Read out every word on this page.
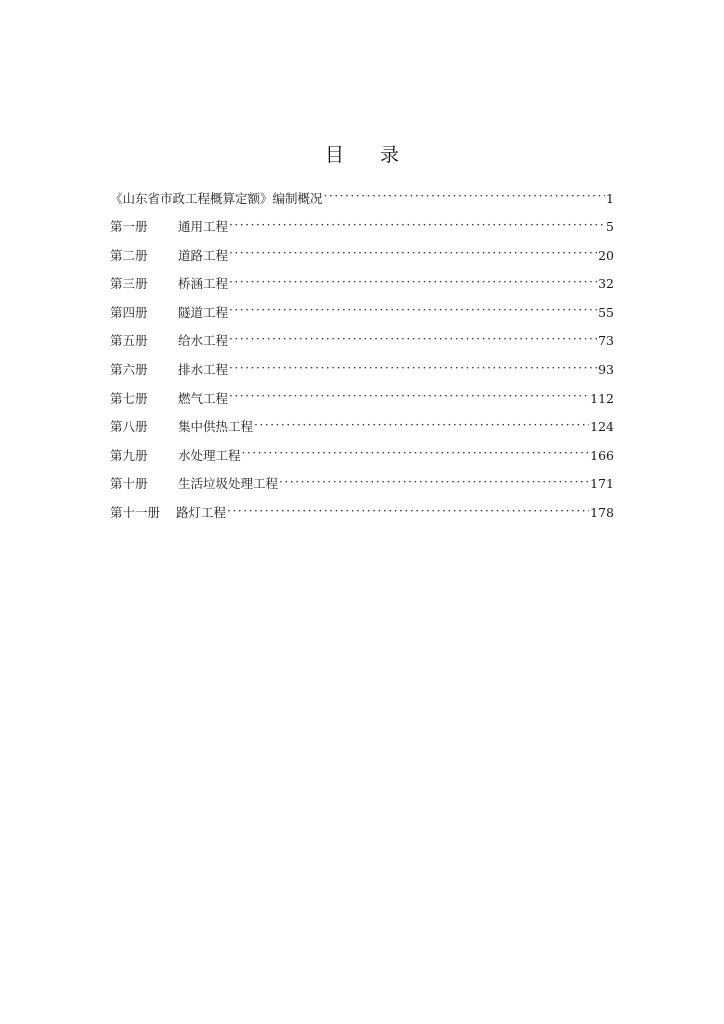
目 录
《山东省市政工程概算定额》编制概况 ·····	1
第一册	通用工程 ·····	5
第二册	道路工程 ·····	20
第三册	桥涵工程 ·····	32
第四册	隧道工程 ·····	55
第五册	给水工程 ·····	73
第六册	排水工程 ·····	93
第七册	燃气工程 ·····	112
第八册	集中供热工程 ·····	124
第九册	水处理工程 ·····	166
第十册	生活垃圾处理工程 ·····	171
第十一册	路灯工程 ·····	178
